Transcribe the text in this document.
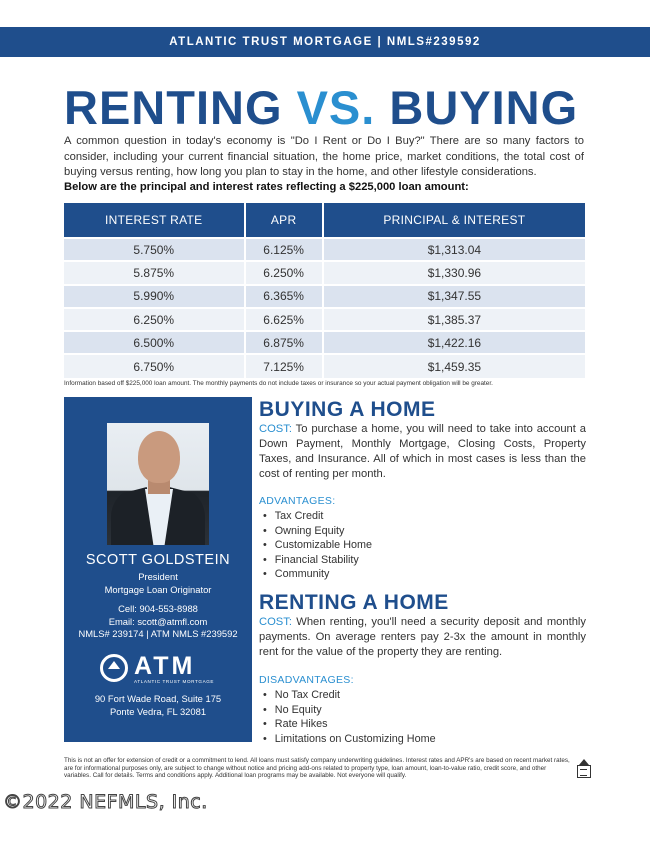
ATLANTIC TRUST MORTGAGE | NMLS#239592
RENTING VS. BUYING

A common question in today's economy is "Do I Rent or Do I Buy?" There are so many factors to consider, including your current financial situation, the home price, market conditions, the total cost of buying versus renting, how long you plan to stay in the home, and other lifestyle considerations.

Below are the principal and interest rates reflecting a $225,000 loan amount:

INTEREST RATE	APR	PRINCIPAL & INTEREST
5.750%	6.125%	$1,313.04
5.875%	6.250%	$1,330.96
5.990%	6.365%	$1,347.55
6.250%	6.625%	$1,385.37
6.500%	6.875%	$1,422.16
6.750%	7.125%	$1,459.35
Information based off $225,000 loan amount. The monthly payments do not include taxes or insurance so your actual payment obligation will be greater.
SCOTT GOLDSTEIN
President
Mortgage Loan Originator
Cell: 904-553-8988
Email: scott@atmfl.com
NMLS# 239174 | ATM NMLS #239592
ATM
ATLANTIC TRUST MORTGAGE
90 Fort Wade Road, Suite 175
Ponte Vedra, FL 32081
BUYING A HOME

COST: To purchase a home, you will need to take into account a Down Payment, Monthly Mortgage, Closing Costs, Property Taxes, and Insurance. All of which in most cases is less than the cost of renting per month.

ADVANTAGES:
• Tax Credit
• Owning Equity
• Customizable Home
• Financial Stability
• Community
RENTING A HOME

COST: When renting, you'll need a security deposit and monthly payments. On average renters pay 2-3x the amount in monthly rent for the value of the property they are renting.

DISADVANTAGES:
• No Tax Credit
• No Equity
• Rate Hikes
• Limitations on Customizing Home

This is not an offer for extension of credit or a commitment to lend. All loans must satisfy company underwriting guidelines. Interest rates and APR's are based on recent market rates, are for informational purposes only, are subject to change without notice and pricing add-ons related to property type, loan amount, loan-to-value ratio, credit score, and other variables. Call for details. Terms and conditions apply. Additional loan programs may be available. Not everyone will qualify.

©2022 NEFMLS, Inc.
